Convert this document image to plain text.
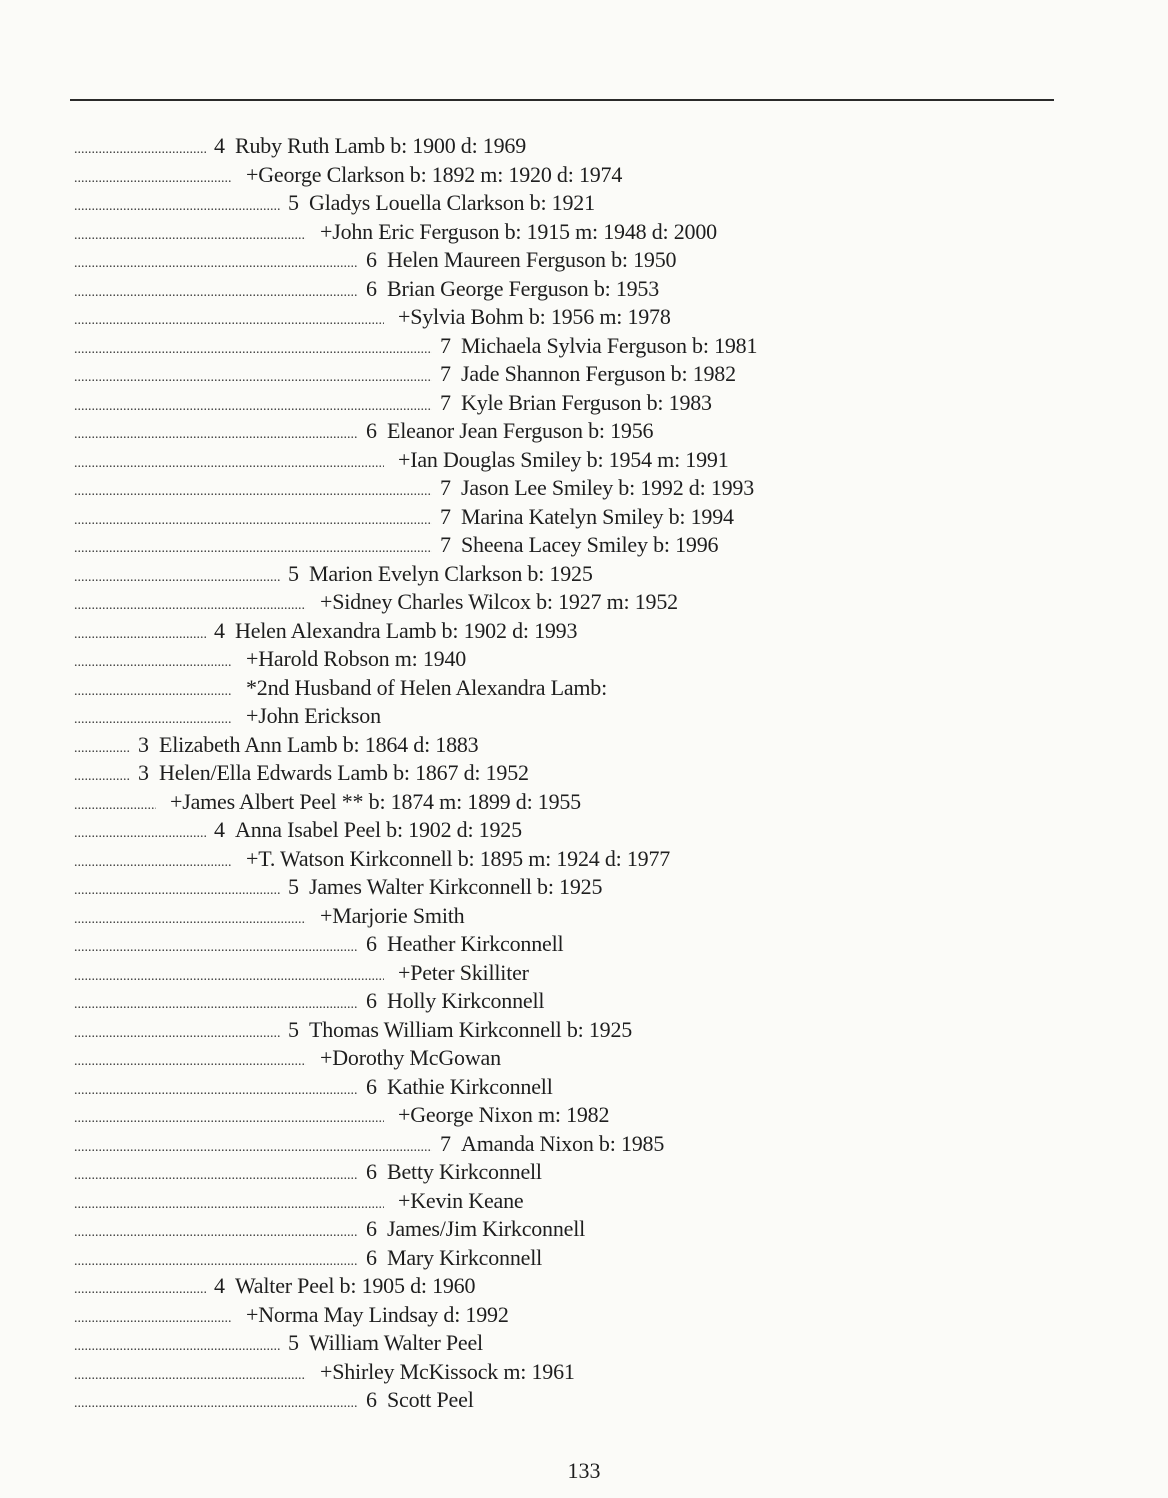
.....
4 Ruby Ruth Lamb b: 1900 d: 1969
.....
+George Clarkson b: 1892 m: 1920 d: 1974
.....
5 Gladys Louella Clarkson b: 1921
.....
+John Eric Ferguson b: 1915 m: 1948 d: 2000
.....
6 Helen Maureen Ferguson b: 1950
.....
6 Brian George Ferguson b: 1953
.....
+Sylvia Bohm b: 1956 m: 1978
.....
7 Michaela Sylvia Ferguson b: 1981
.....
7 Jade Shannon Ferguson b: 1982
.....
7 Kyle Brian Ferguson b: 1983
.....
6 Eleanor Jean Ferguson b: 1956
.....
+Ian Douglas Smiley b: 1954 m: 1991
.....
7 Jason Lee Smiley b: 1992 d: 1993
.....
7 Marina Katelyn Smiley b: 1994
.....
7 Sheena Lacey Smiley b: 1996
.....
5 Marion Evelyn Clarkson b: 1925
.....
+Sidney Charles Wilcox b: 1927 m: 1952
.....
4 Helen Alexandra Lamb b: 1902 d: 1993
.....
+Harold Robson m: 1940
.....
*2nd Husband of Helen Alexandra Lamb:
.....
+John Erickson
.....
3 Elizabeth Ann Lamb b: 1864 d: 1883
.....
3 Helen/Ella Edwards Lamb b: 1867 d: 1952
.....
+James Albert Peel ** b: 1874 m: 1899 d: 1955
.....
4 Anna Isabel Peel b: 1902 d: 1925
.....
+T. Watson Kirkconnell b: 1895 m: 1924 d: 1977
.....
5 James Walter Kirkconnell b: 1925
.....
+Marjorie Smith
.....
6 Heather Kirkconnell
.....
+Peter Skilliter
.....
6 Holly Kirkconnell
.....
5 Thomas William Kirkconnell b: 1925
.....
+Dorothy McGowan
.....
6 Kathie Kirkconnell
.....
+George Nixon m: 1982
.....
7 Amanda Nixon b: 1985
.....
6 Betty Kirkconnell
.....
+Kevin Keane
.....
6 James/Jim Kirkconnell
.....
6 Mary Kirkconnell
.....
4 Walter Peel b: 1905 d: 1960
.....
+Norma May Lindsay d: 1992
.....
5 William Walter Peel
.....
+Shirley McKissock m: 1961
.....
6 Scott Peel
133
